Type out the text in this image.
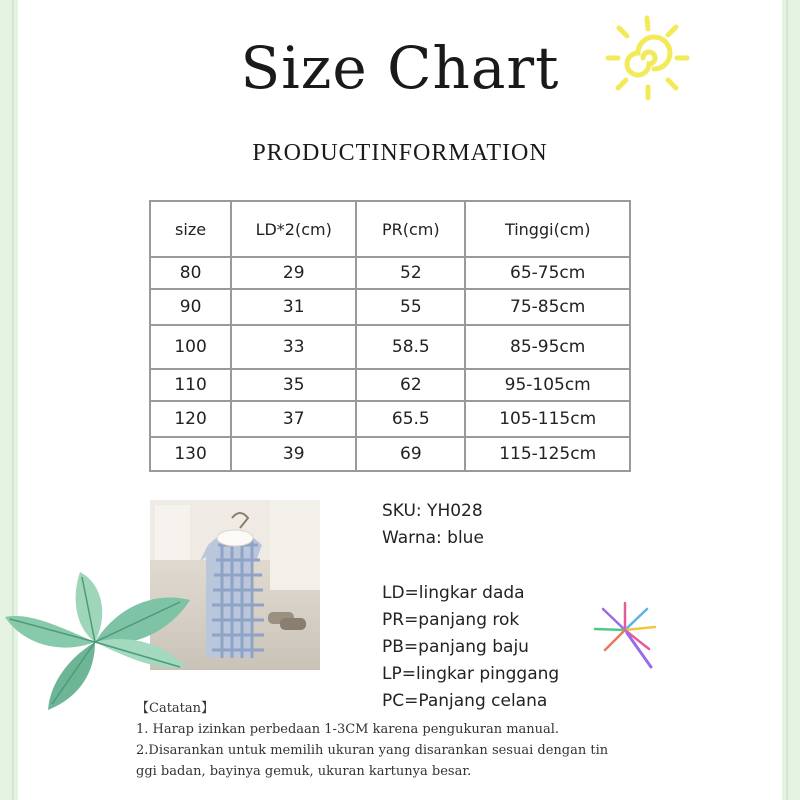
Size Chart
PRODUCTINFORMATION
size	LD*2(cm)	PR(cm)	Tinggi(cm)
80	29	52	65-75cm
90	31	55	75-85cm
100	33	58.5	85-95cm
110	35	62	95-105cm
120	37	65.5	105-115cm
130	39	69	115-125cm
SKU: YH028
Warna: blue
LD=lingkar dada
PR=panjang rok
PB=panjang baju
LP=lingkar pinggang
PC=Panjang celana
【Catatan】
1. Harap izinkan perbedaan 1-3CM karena pengukuran manual.
2.Disarankan untuk memilih ukuran yang disarankan sesuai dengan tin
ggi badan, bayinya gemuk, ukuran kartunya besar.
